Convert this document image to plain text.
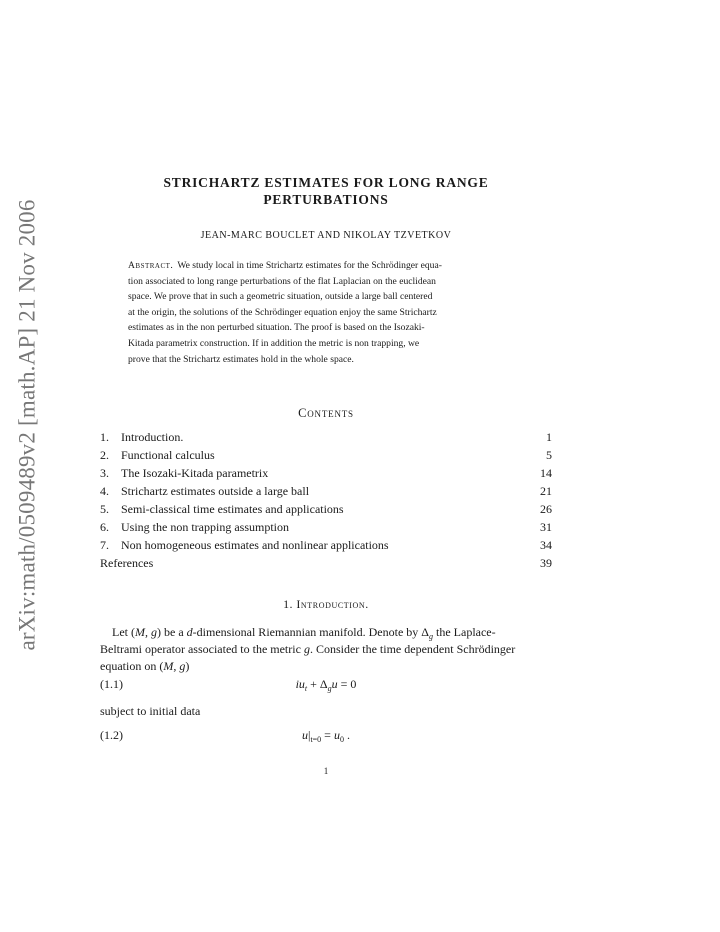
arXiv:math/0509489v2 [math.AP] 21 Nov 2006
STRICHARTZ ESTIMATES FOR LONG RANGE
PERTURBATIONS
JEAN-MARC BOUCLET AND NIKOLAY TZVETKOV
Abstract. We study local in time Strichartz estimates for the Schrödinger equa-
tion associated to long range perturbations of the flat Laplacian on the euclidean
space. We prove that in such a geometric situation, outside a large ball centered
at the origin, the solutions of the Schrödinger equation enjoy the same Strichartz
estimates as in the non perturbed situation. The proof is based on the Isozaki-
Kitada parametrix construction. If in addition the metric is non trapping, we
prove that the Strichartz estimates hold in the whole space.
Contents
1.	Introduction.	1
2.	Functional calculus	5
3.	The Isozaki-Kitada parametrix	14
4.	Strichartz estimates outside a large ball	21
5.	Semi-classical time estimates and applications	26
6.	Using the non trapping assumption	31
7.	Non homogeneous estimates and nonlinear applications	34
References	39
1. Introduction.
Let (M, g) be a d-dimensional Riemannian manifold. Denote by $\Delta_g$ the Laplace-
Beltrami operator associated to the metric g. Consider the time dependent Schrödinger
equation on (M, g)
(1.1)	$iu_t + \Delta_gu = 0$
subject to initial data
(1.2)	$u|_{t=0} = u_0$ .
1
